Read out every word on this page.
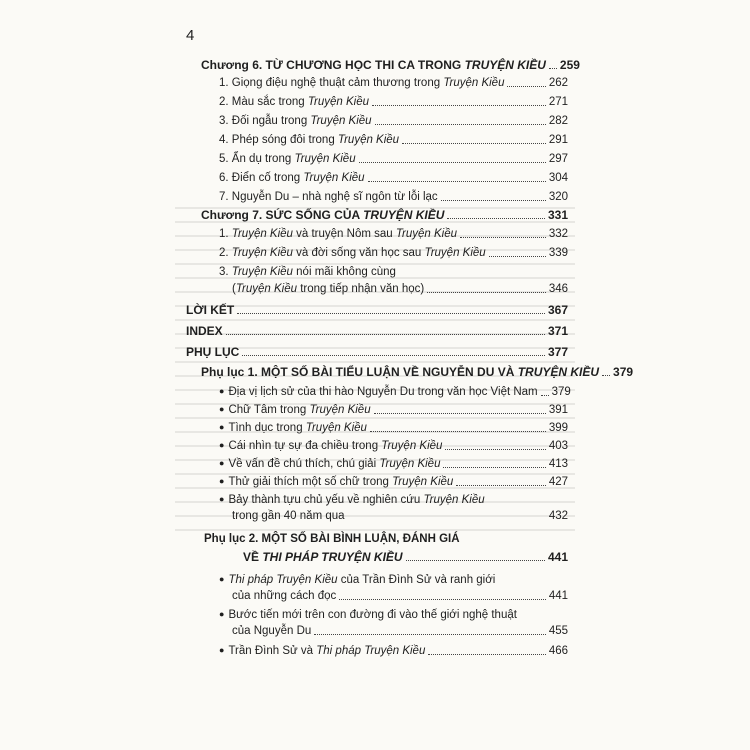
4
Chương 6. TỪ CHƯƠNG HỌC THI CA TRONG TRUYỆN KIỀU 259
1. Giọng điệu nghệ thuật cảm thương trong Truyện Kiều	262
2. Màu sắc trong Truyện Kiều	271
3. Đối ngẫu trong Truyện Kiều	282
4. Phép sóng đôi trong Truyện Kiều	291
5. Ẩn dụ trong Truyện Kiều	297
6. Điển cố trong Truyện Kiều	304
7. Nguyễn Du – nhà nghệ sĩ ngôn từ lỗi lạc	320
Chương 7. SỨC SỐNG CỦA TRUYỆN KIỀU	331
1. Truyện Kiều và truyện Nôm sau Truyện Kiều	332
2. Truyện Kiều và đời sống văn học sau Truyện Kiều	339
3. Truyện Kiều nói mãi không cùng
(Truyện Kiều trong tiếp nhận văn học)	346
LỜI KẾT	367
INDEX	371
PHỤ LỤC	377
Phụ lục 1. MỘT SỐ BÀI TIỂU LUẬN VỀ NGUYỄN DU VÀ TRUYỆN KIỀU 379
● Địa vị lịch sử của thi hào Nguyễn Du trong văn học Việt Nam 379
● Chữ Tâm trong Truyện Kiều	391
● Tình dục trong Truyện Kiều	399
● Cái nhìn tự sự đa chiều trong Truyện Kiều	403
● Về vấn đề chú thích, chú giải Truyện Kiều	413
● Thử giải thích một số chữ trong Truyện Kiều	427
● Bảy thành tựu chủ yếu về nghiên cứu Truyện Kiều
trong gần 40 năm qua	432
Phụ lục 2. MỘT SỐ BÀI BÌNH LUẬN, ĐÁNH GIÁ
VỀ THI PHÁP TRUYỆN KIỀU	441
● Thi pháp Truyện Kiều của Trần Đình Sử và ranh giới
của những cách đọc	441
● Bước tiến mới trên con đường đi vào thế giới nghệ thuật
của Nguyễn Du	455
● Trần Đình Sử và Thi pháp Truyện Kiều	466
